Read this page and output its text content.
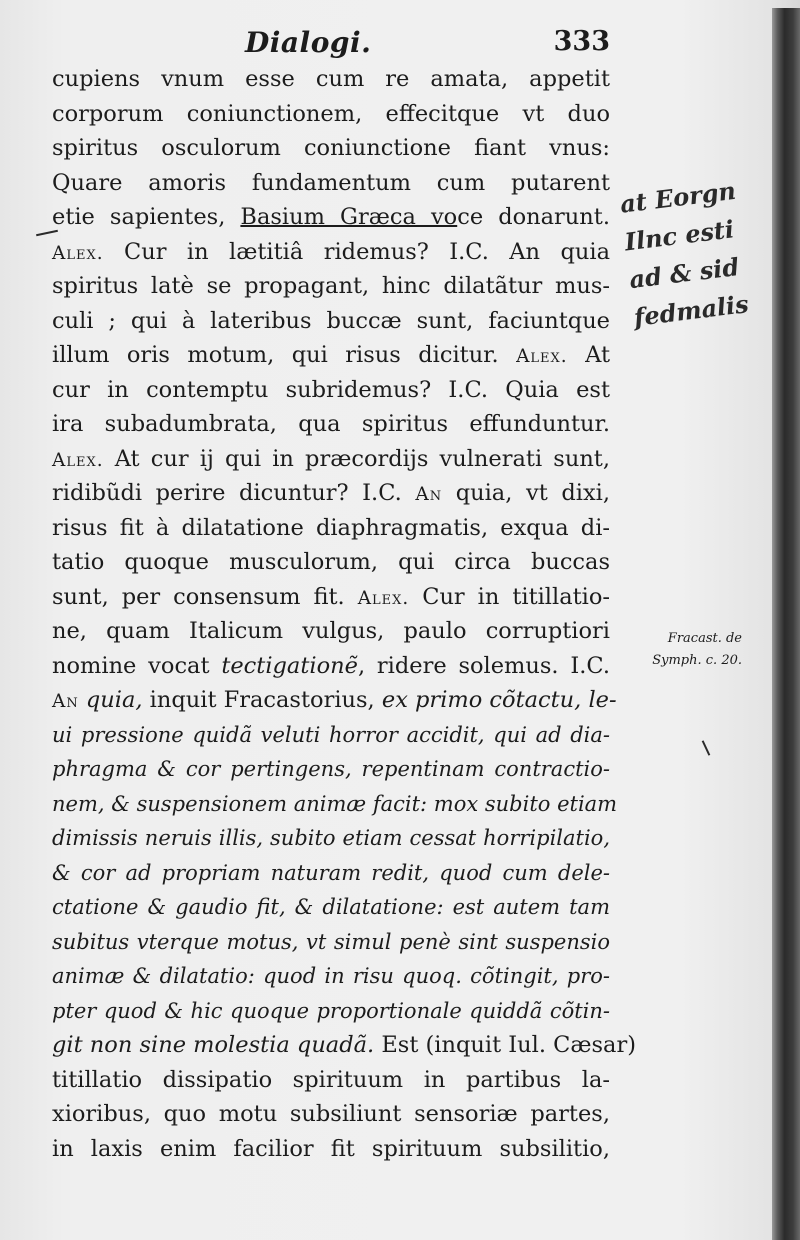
Dialogi.	333
cupiens vnum esse cum re amata, appetit
corporum coniunctionem, effecitque vt duo
spiritus osculorum coniunctione fiant vnus:
Quare amoris fundamentum cum putarent
etie sapientes, Basium Græca voce donarunt.
Alex. Cur in lætitiâ ridemus? I.C. An quia
spiritus latè se propagant, hinc dilatãtur mus-
culi ; qui à lateribus buccæ sunt, faciuntque
illum oris motum, qui risus dicitur. Alex. At
cur in contemptu subridemus? I.C. Quia est
ira subadumbrata, qua spiritus effunduntur.
Alex. At cur ij qui in præcordijs vulnerati sunt,
ridibũdi perire dicuntur? I.C. An quia, vt dixi,
risus fit à dilatatione diaphragmatis, exqua di-
tatio quoque musculorum, qui circa buccas
sunt, per consensum fit. Alex. Cur in titillatio-
ne, quam Italicum vulgus, paulo corruptiori
nomine vocat tectigationẽ, ridere solemus. I.C.
An quia, inquit Fracastorius, ex primo cõtactu, le-
ui pressione quidã veluti horror accidit, qui ad dia-
phragma & cor pertingens, repentinam contractio-
nem, & suspensionem animæ facit: mox subito etiam
dimissis neruis illis, subito etiam cessat horripilatio,
& cor ad propriam naturam redit, quod cum dele-
ctatione & gaudio fit, & dilatatione: est autem tam
subitus vterque motus, vt simul penè sint suspensio
animæ & dilatatio: quod in risu quoq. cõtingit, pro-
pter quod & hic quoque proportionale quiddã cõtin-
git non sine molestia quadã. Est (inquit Iul. Cæsar)
titillatio dissipatio spirituum in partibus la-
xioribus, quo motu subsiliunt sensoriæ partes,
in laxis enim facilior fit spirituum subsilitio,
at Eorgn
Ilnc esti
ad & sid
fedmalis
Fracast. de
Symph. c. 20.
